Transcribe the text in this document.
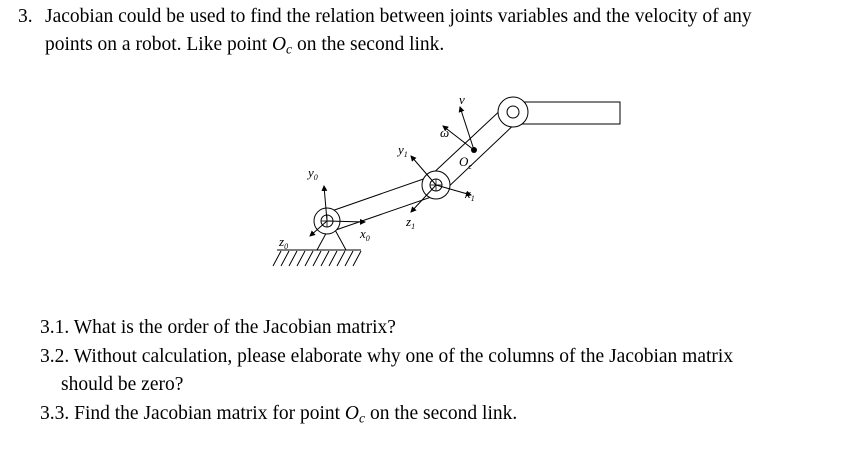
3. Jacobian could be used to find the relation between joints variables and the velocity of any
points on a robot. Like point $O_c$ on the second link.
$y_0$
$x_0$
$z_0$
$y_1$
$x_1$
$z_1$
ω
v
$O_c$
3.1. What is the order of the Jacobian matrix?
3.2. Without calculation, please elaborate why one of the columns of the Jacobian matrix
should be zero?
3.3. Find the Jacobian matrix for point $O_c$ on the second link.
